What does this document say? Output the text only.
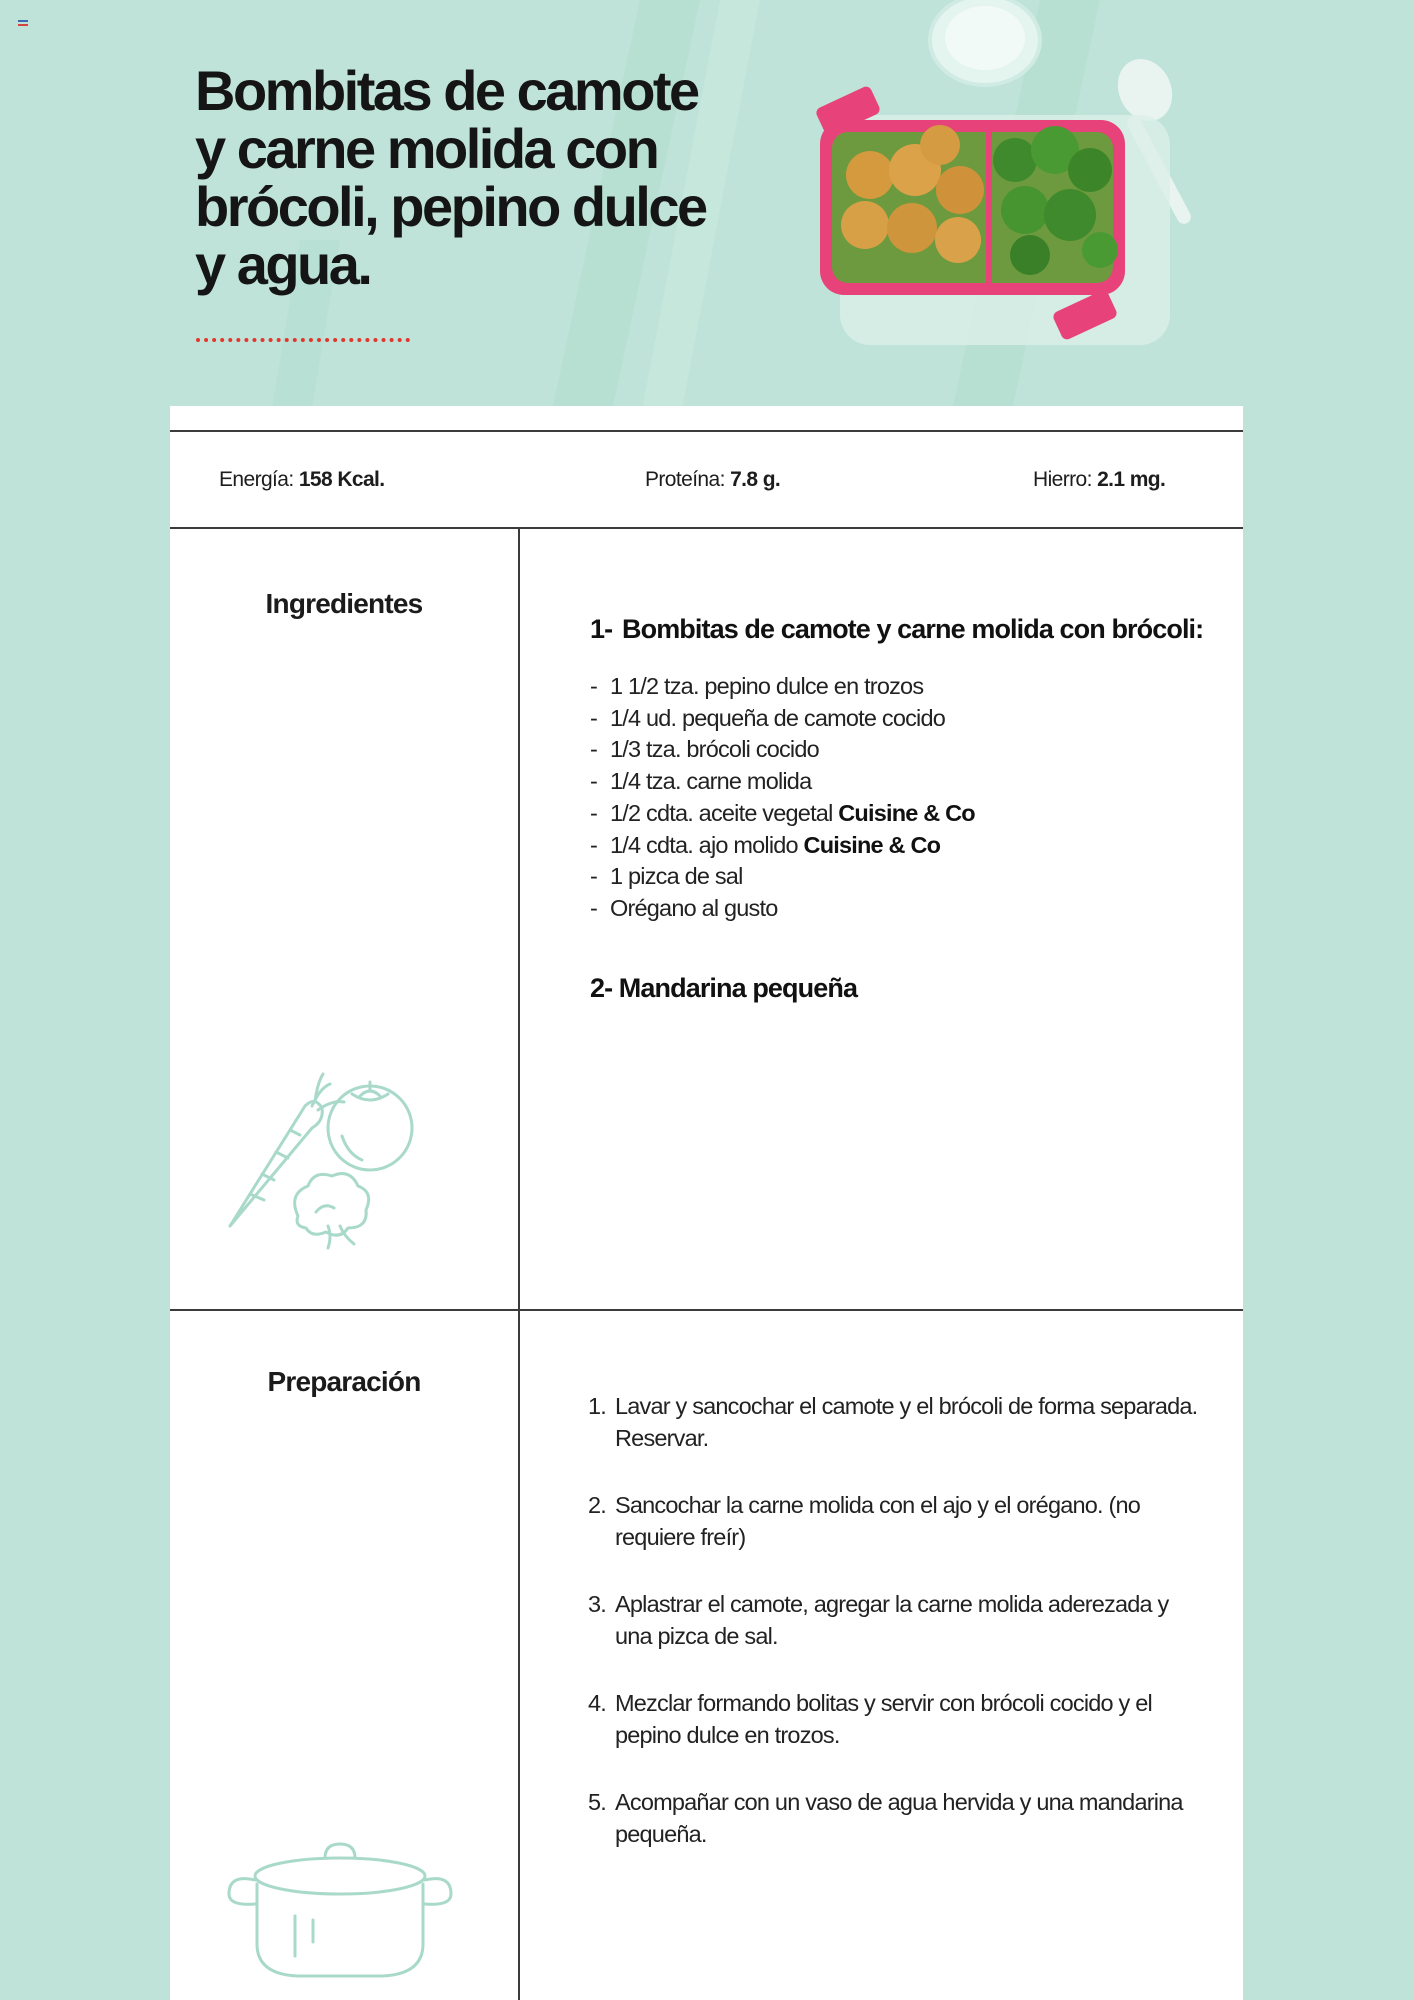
Bombitas de camote
y carne molida con
brócoli, pepino dulce
y agua.
Energía: 158 Kcal.	Proteína: 7.8 g.	Hierro: 2.1 mg.
Ingredientes

1- Bombitas de camote y carne molida con brócoli:

- 1 1/2 tza. pepino dulce en trozos
- 1/4 ud. pequeña de camote cocido
- 1/3 tza. brócoli cocido
- 1/4 tza. carne molida
- 1/2 cdta. aceite vegetal Cuisine & Co
- 1/4 cdta. ajo molido Cuisine & Co
- 1 pizca de sal
- Orégano al gusto

2- Mandarina pequeña

Preparación
1. Lavar y sancochar el camote y el brócoli de forma separada. Reservar.
2. Sancochar la carne molida con el ajo y el orégano. (no requiere freír)
3. Aplastrar el camote, agregar la carne molida aderezada y una pizca de sal.
4. Mezclar formando bolitas y servir con brócoli cocido y el pepino dulce en trozos.
5. Acompañar con un vaso de agua hervida y una mandarina pequeña.
